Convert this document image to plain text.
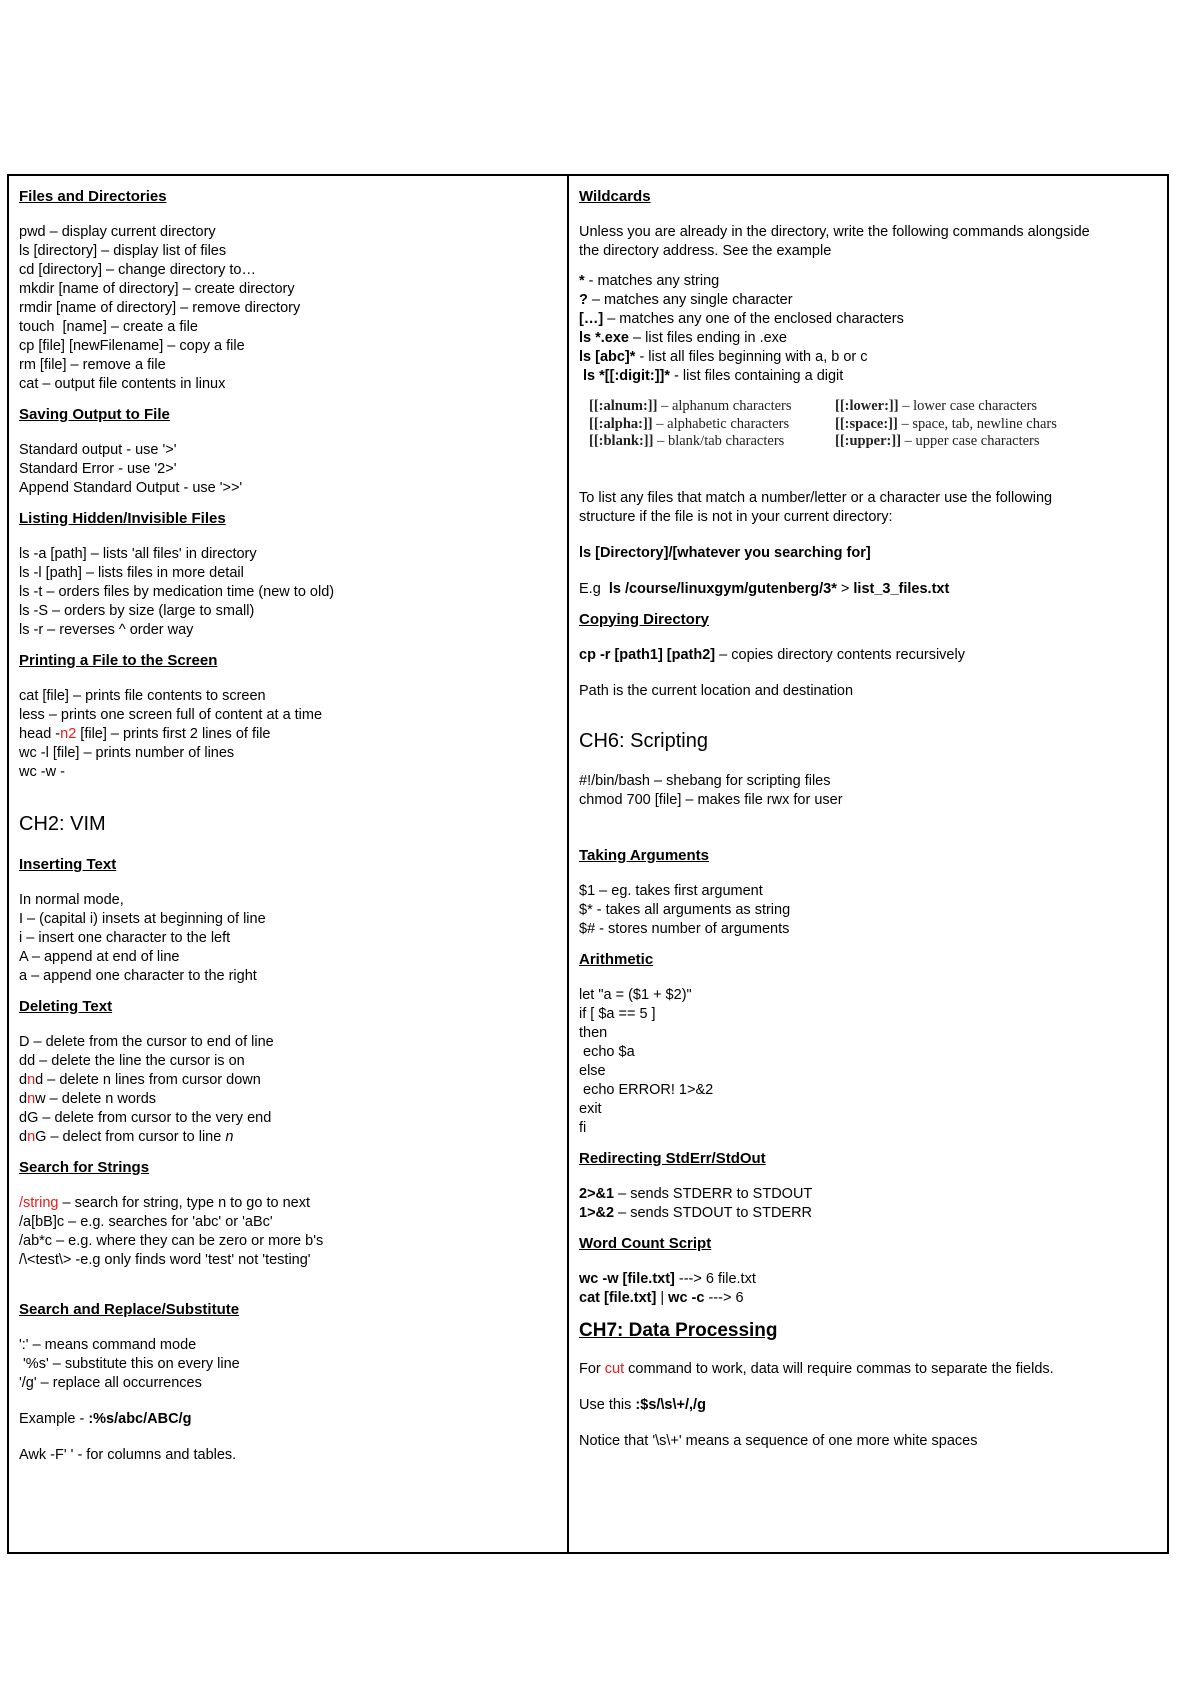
Files and Directories

pwd – display current directory

ls [directory] – display list of files

cd [directory] – change directory to…

mkdir [name of directory] – create directory

rmdir [name of directory] – remove directory

touch  [name] – create a file

cp [file] [newFilename] – copy a file

rm [file] – remove a file

cat – output file contents in linux

Saving Output to File

Standard output - use '>'

Standard Error - use '2>'

Append Standard Output - use '>>'

Listing Hidden/Invisible Files

ls -a [path] – lists 'all files' in directory

ls -l [path] – lists files in more detail

ls -t – orders files by medication time (new to old)

ls -S – orders by size (large to small)

ls -r – reverses ^ order way

Printing a File to the Screen

cat [file] – prints file contents to screen

less – prints one screen full of content at a time

head -n2 [file] – prints first 2 lines of file

wc -l [file] – prints number of lines

wc -w -

CH2: VIM

Inserting Text

In normal mode,

I – (capital i) insets at beginning of line

i – insert one character to the left

A – append at end of line

a – append one character to the right

Deleting Text

D – delete from the cursor to end of line

dd – delete the line the cursor is on

dnd – delete n lines from cursor down

dnw – delete n words

dG – delete from cursor to the very end

dnG – delect from cursor to line n

Search for Strings

/string – search for string, type n to go to next

/a[bB]c – e.g. searches for 'abc' or 'aBc'

/ab*c – e.g. where they can be zero or more b's

/\<test\> -e.g only finds word 'test' not 'testing'

Search and Replace/Substitute

':' – means command mode

'%s' – substitute this on every line

'/g' – replace all occurrences

Example - :%s/abc/ABC/g

Awk -F' ' - for columns and tables.

Wildcards

Unless you are already in the directory, write the following commands alongside

the directory address. See the example

* - matches any string

? – matches any single character

[…] – matches any one of the enclosed characters

ls *.exe – list files ending in .exe

ls [abc]* - list all files beginning with a, b or c

ls *[[:digit:]]* - list files containing a digit

[[:alnum:]] – alphanum characters	[[:lower:]] – lower case characters
[[:alpha:]] – alphabetic characters	[[:space:]] – space, tab, newline chars
[[:blank:]] – blank/tab characters	[[:upper:]] – upper case characters

To list any files that match a number/letter or a character use the following

structure if the file is not in your current directory:

ls [Directory]/[whatever you searching for]

E.g  ls /course/linuxgym/gutenberg/3* > list_3_files.txt

Copying Directory

cp -r [path1] [path2] – copies directory contents recursively

Path is the current location and destination

CH6: Scripting

#!/bin/bash – shebang for scripting files

chmod 700 [file] – makes file rwx for user

Taking Arguments

$1 – eg. takes first argument

$* - takes all arguments as string

$# - stores number of arguments

Arithmetic

let "a = ($1 + $2)"

if [ $a == 5 ]

then

echo $a

else

echo ERROR! 1>&2

exit

fi

Redirecting StdErr/StdOut

2>&1 – sends STDERR to STDOUT

1>&2 – sends STDOUT to STDERR

Word Count Script

wc -w [file.txt] ---> 6 file.txt

cat [file.txt] | wc -c ---> 6

CH7: Data Processing

For cut command to work, data will require commas to separate the fields.

Use this :$s/\s\+/,/g

Notice that '\s\+' means a sequence of one more white spaces
